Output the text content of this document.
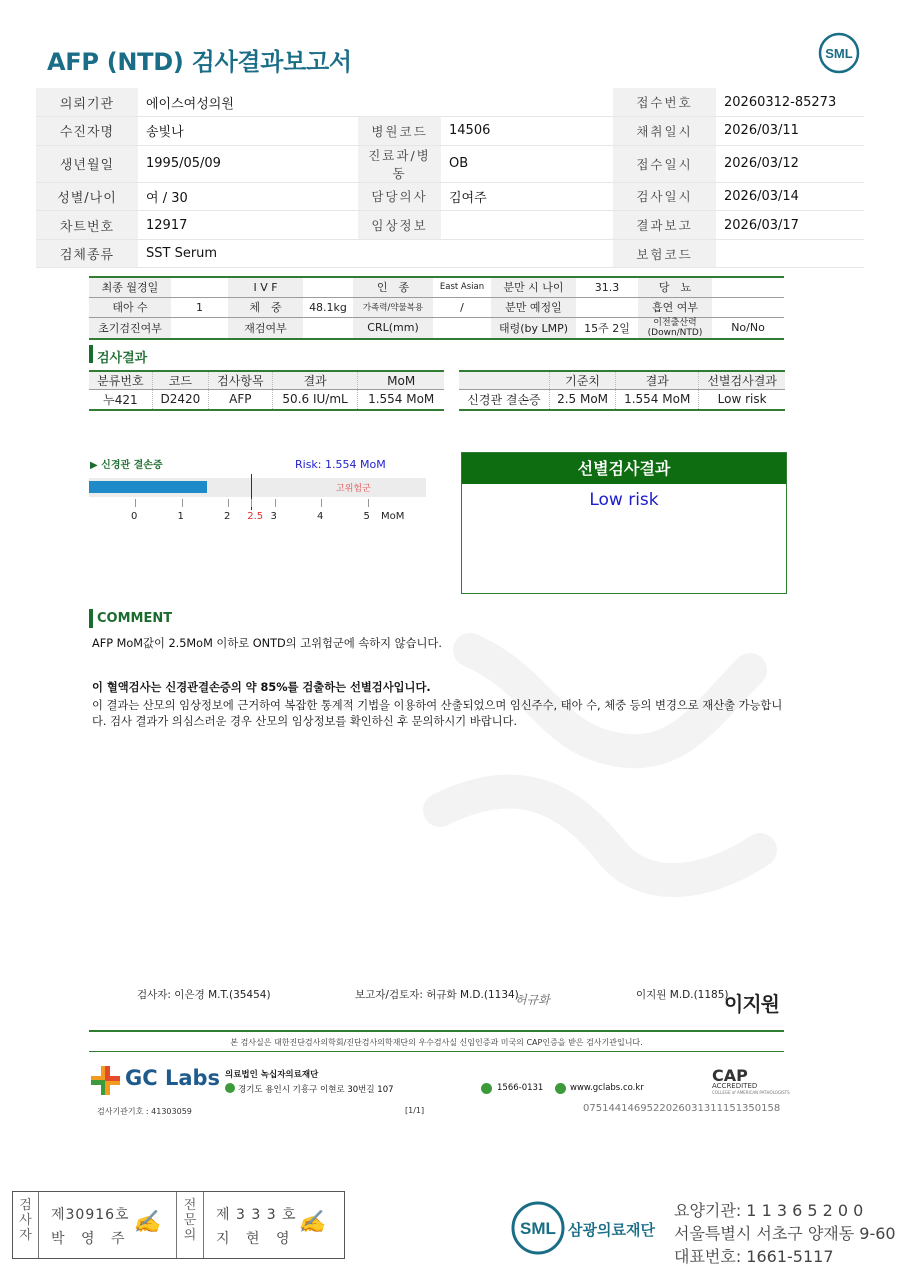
AFP (NTD) 검사결과보고서	SML
의뢰기관	에이스여성의원			접수번호	20260312-85273
수진자명	송빛나	병원코드	14506	채취일시	2026/03/11
생년월일	1995/05/09	진료과/병동	OB	접수일시	2026/03/12
성별/나이	여 / 30	담당의사	김여주	검사일시	2026/03/14
차트번호	12917	임상정보		결과보고	2026/03/17
검체종류	SST Serum			보험코드	
최종 월경일		I V F		인　종	East Asian	분만 시 나이	31.3	당　뇨	
태아 수	1	체　중	48.1kg	가족력/약물복용	/	분만 예정일		흡연 여부	
초기검진여부		재검여부		CRL(mm)		태령(by LMP)	15주 2일	이전출산력 (Down/NTD)	No/No
검사결과
분류번호	코드	검사항목	결과	MoM
누421	D2420	AFP	50.6 IU/mL	1.554 MoM
	기준치	결과	선별검사결과
신경관 결손증	2.5 MoM	1.554 MoM	Low risk
▶ 신경관 결손증	Risk: 1.554 MoM
고위험군
0	1	2 2.5 3	4	5 MoM
선별검사결과
Low risk
COMMENT
AFP MoM값이 2.5MoM 이하로 ONTD의 고위험군에 속하지 않습니다.
이 혈액검사는 신경관결손증의 약 85%를 검출하는 선별검사입니다.
이 결과는 산모의 임상정보에 근거하여 복잡한 통계적 기법을 이용하여 산출되었으며 임신주수, 태아 수, 체중 등의 변경으로 재산출 가능합니
다. 검사 결과가 의심스러운 경우 산모의 임상정보를 확인하신 후 문의하시기 바랍니다.
검사자: 이은경 M.T.(35454)	보고자/검토자: 허규화 M.D.(1134)
허규화	이지원 M.D.(1185)
이지원
본 검사실은 대한진단검사의학회/진단검사의학재단의 우수검사실 신임인증과 미국의 CAP인증을 받은 검사기관입니다.
GC Labs 의료법인 녹십자의료재단
경기도 용인시 기흥구 이현로 30번길 107	1566-0131	www.gclabs.co.kr
CAP
ACCREDITED
COLLEGE of AMERICAN PATHOLOGISTS
검사기관기호 : 41303059	[1/1]	07514414695220260313111513501​58
검사자
제30916호
박 영 주
✍
전문의
제 3 3 3 호
지 현 영
✍	SML 삼광의료재단
요양기관: 1 1 3 6 5 2 0 0
서울특별시 서초구 양재동 9-60
대표번호: 1661-5117
